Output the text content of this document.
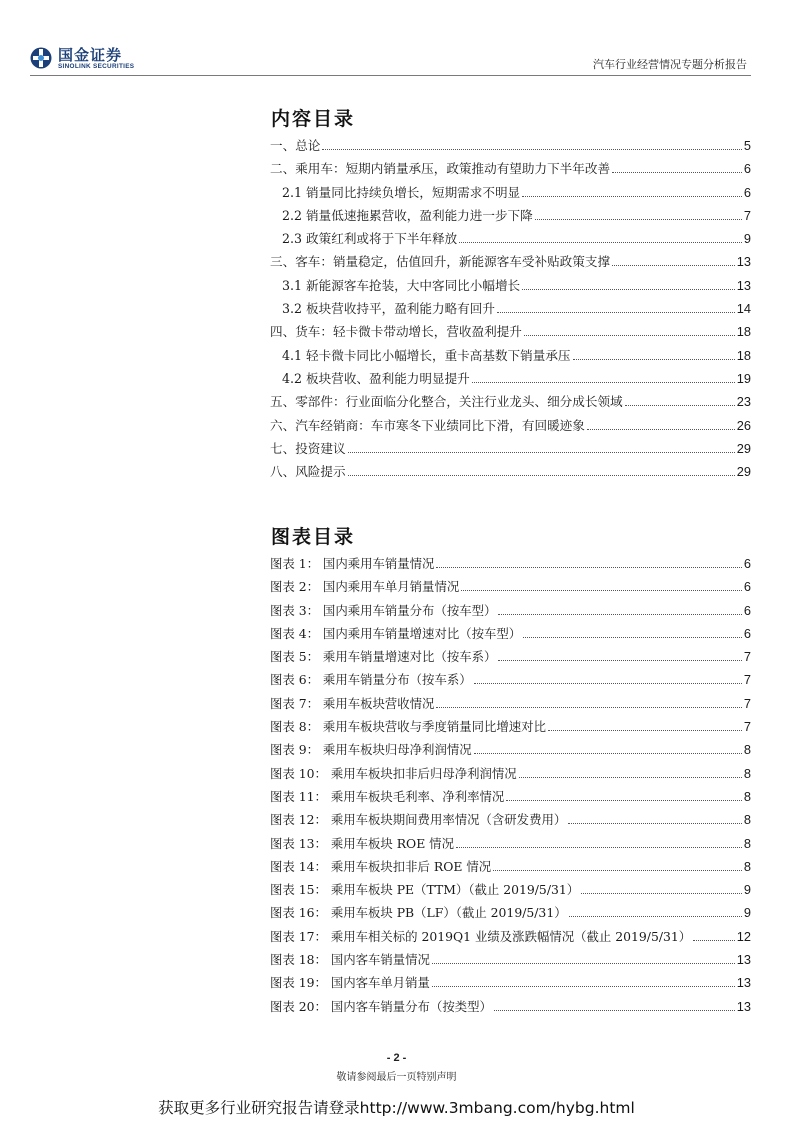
国金证券
SINOLINK SECURITIES	汽车行业经营情况专题分析报告
内容目录
一、总论	5
二、乘用车：短期内销量承压，政策推动有望助力下半年改善	6
2.1 销量同比持续负增长，短期需求不明显	6
2.2 销量低速拖累营收，盈利能力进一步下降	7
2.3 政策红利或将于下半年释放	9
三、客车：销量稳定，估值回升，新能源客车受补贴政策支撑	13
3.1 新能源客车抢装，大中客同比小幅增长	13
3.2 板块营收持平，盈利能力略有回升	14
四、货车：轻卡微卡带动增长，营收盈利提升	18
4.1 轻卡微卡同比小幅增长，重卡高基数下销量承压	18
4.2 板块营收、盈利能力明显提升	19
五、零部件：行业面临分化整合，关注行业龙头、细分成长领域	23
六、汽车经销商：车市寒冬下业绩同比下滑，有回暖迹象	26
七、投资建议	29
八、风险提示	29
图表目录
图表 1： 国内乘用车销量情况	6
图表 2： 国内乘用车单月销量情况	6
图表 3： 国内乘用车销量分布（按车型）	6
图表 4： 国内乘用车销量增速对比（按车型）	6
图表 5： 乘用车销量增速对比（按车系）	7
图表 6： 乘用车销量分布（按车系）	7
图表 7： 乘用车板块营收情况	7
图表 8： 乘用车板块营收与季度销量同比增速对比	7
图表 9： 乘用车板块归母净利润情况	8
图表 10： 乘用车板块扣非后归母净利润情况	8
图表 11： 乘用车板块毛利率、净利率情况	8
图表 12： 乘用车板块期间费用率情况（含研发费用）	8
图表 13： 乘用车板块 ROE 情况	8
图表 14： 乘用车板块扣非后 ROE 情况	8
图表 15： 乘用车板块 PE（TTM）（截止 2019/5/31）	9
图表 16： 乘用车板块 PB（LF）（截止 2019/5/31）	9
图表 17： 乘用车相关标的 2019Q1 业绩及涨跌幅情况（截止 2019/5/31）	12
图表 18： 国内客车销量情况	13
图表 19： 国内客车单月销量	13
图表 20： 国内客车销量分布（按类型）	13
- 2 -
敬请参阅最后一页特别声明
获取更多行业研究报告请登录http://www.3mbang.com/hybg.html
